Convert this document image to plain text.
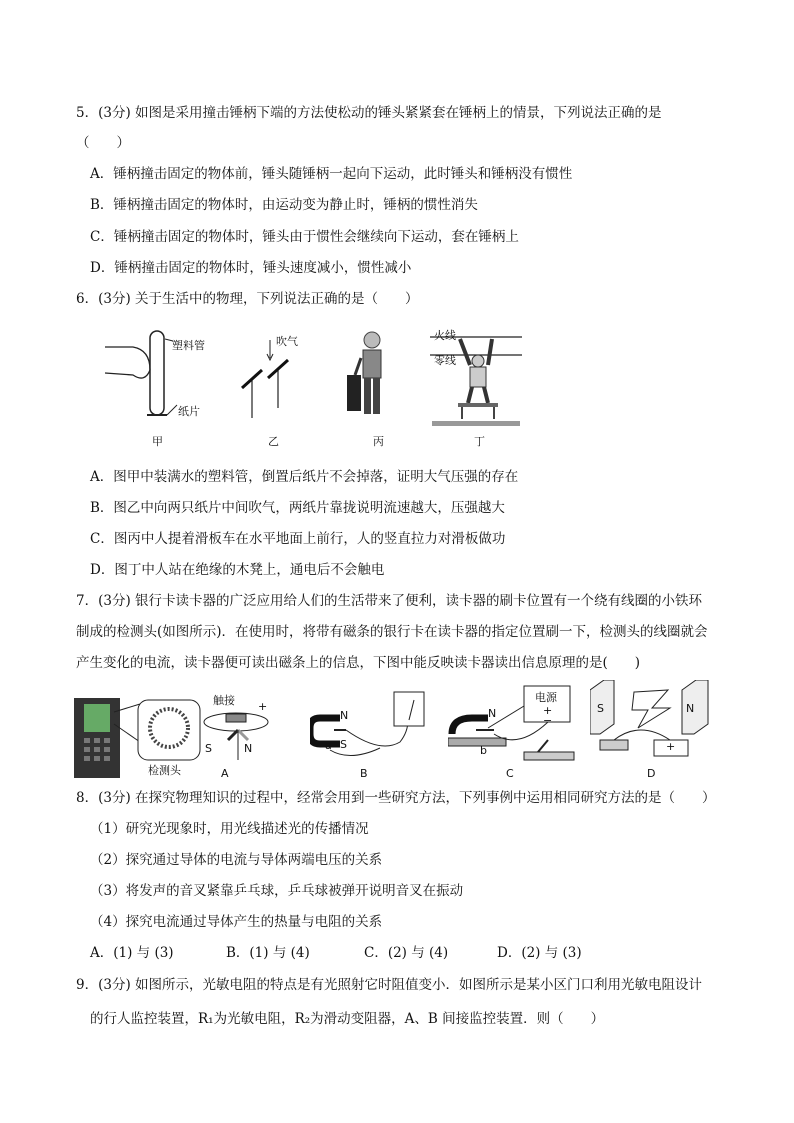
5．(3分) 如图是采用撞击锤柄下端的方法使松动的锤头紧紧套在锤柄上的情景，下列说法正确的是
（　　）
A．锤柄撞击固定的物体前，锤头随锤柄一起向下运动，此时锤头和锤柄没有惯性
B．锤柄撞击固定的物体时，由运动变为静止时，锤柄的惯性消失
C．锤柄撞击固定的物体时，锤头由于惯性会继续向下运动，套在锤柄上
D．锤柄撞击固定的物体时，锤头速度减小，惯性减小
6．(3分) 关于生活中的物理，下列说法正确的是（　　）
塑料管
纸片
甲
吹气
乙	丙
火线
零线
丁
A．图甲中装满水的塑料管，倒置后纸片不会掉落，证明大气压强的存在
B．图乙中向两只纸片中间吹气，两纸片靠拢说明流速越大，压强越大
C．图丙中人提着滑板车在水平地面上前行，人的竖直拉力对滑板做功
D．图丁中人站在绝缘的木凳上，通电后不会触电
7．(3分) 银行卡读卡器的广泛应用给人们的生活带来了便利，读卡器的刷卡位置有一个绕有线圈的小铁环
制成的检测头(如图所示)．在使用时，将带有磁条的银行卡在读卡器的指定位置刷一下，检测头的线圈就会
产生变化的电流，读卡器便可读出磁条上的信息，下图中能反映读卡器读出信息原理的是(　　)
检测头
触接 +
S	N
A
N
S
a
B
电源
+
−
N
b
C
S	N
+
D
8．(3分) 在探究物理知识的过程中，经常会用到一些研究方法，下列事例中运用相同研究方法的是（　　）
（1）研究光现象时，用光线描述光的传播情况
（2）探究通过导体的电流与导体两端电压的关系
（3）将发声的音叉紧靠乒乓球，乒乓球被弹开说明音叉在振动
（4）探究电流通过导体产生的热量与电阻的关系
A．(1) 与 (3)	B．(1) 与 (4)	C．(2) 与 (4)	D．(2) 与 (3)
9．(3分) 如图所示，光敏电阻的特点是有光照射它时阻值变小．如图所示是某小区门口利用光敏电阻设计
的行人监控装置，R₁为光敏电阻，R₂为滑动变阻器，A、B 间接监控装置．则（　　）
